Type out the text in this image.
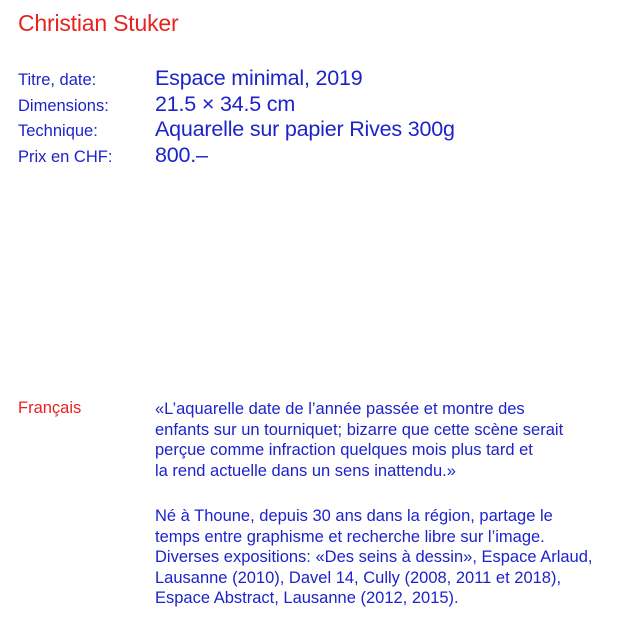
Christian Stuker
Titre, date:	Espace minimal, 2019
Dimensions: 21.5 × 34.5 cm
Technique:	Aquarelle sur papier Rives 300g
Prix en CHF: 800.–
Français	«L’aquarelle date de l’année passée et montre des
enfants sur un tourniquet; bizarre que cette scène serait
perçue comme infraction quelques mois plus tard et
la rend actuelle dans un sens inattendu.»
Né à Thoune, depuis 30 ans dans la région, partage le
temps entre graphisme et recherche libre sur l’image.
Diverses expositions: «Des seins à dessin», Espace Arlaud,
Lausanne (2010), Davel 14, Cully (2008, 2011 et 2018),
Espace Abstract, Lausanne (2012, 2015).
